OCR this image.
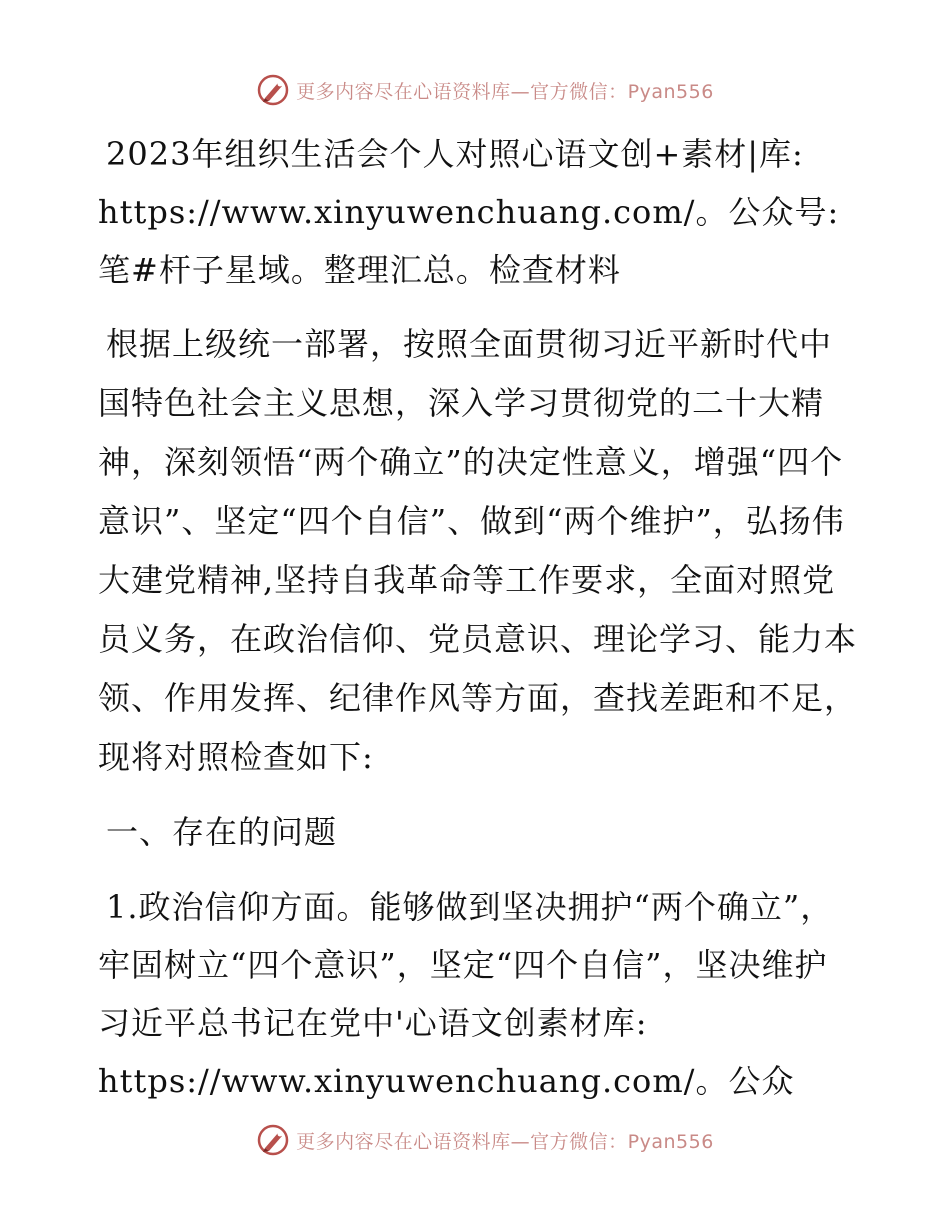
更多内容尽在心语资料库—官方微信：Pyan556

2023年组织生活会个人对照心语文创+素材|库: https://www.xinyuwenchuang.com/。公众号: 笔#杆子星域。整理汇总。检查材料

根据上级统一部署，按照全面贯彻习近平新时代中国特色社会主义思想，深入学习贯彻党的二十大精神，深刻领悟“两个确立”的决定性意义，增强“四个意识”、坚定“四个自信”、做到“两个维护”，弘扬伟大建党精神,坚持自我革命等工作要求，全面对照党员义务，在政治信仰、党员意识、理论学习、能力本领、作用发挥、纪律作风等方面，查找差距和不足，现将对照检查如下:

一、存在的问题

1.政治信仰方面。能够做到坚决拥护“两个确立”，牢固树立“四个意识”，坚定“四个自信”，坚决维护习近平总书记在党中'心语文创素材库: https://www.xinyuwenchuang.com/。公众

更多内容尽在心语资料库—官方微信：Pyan556
